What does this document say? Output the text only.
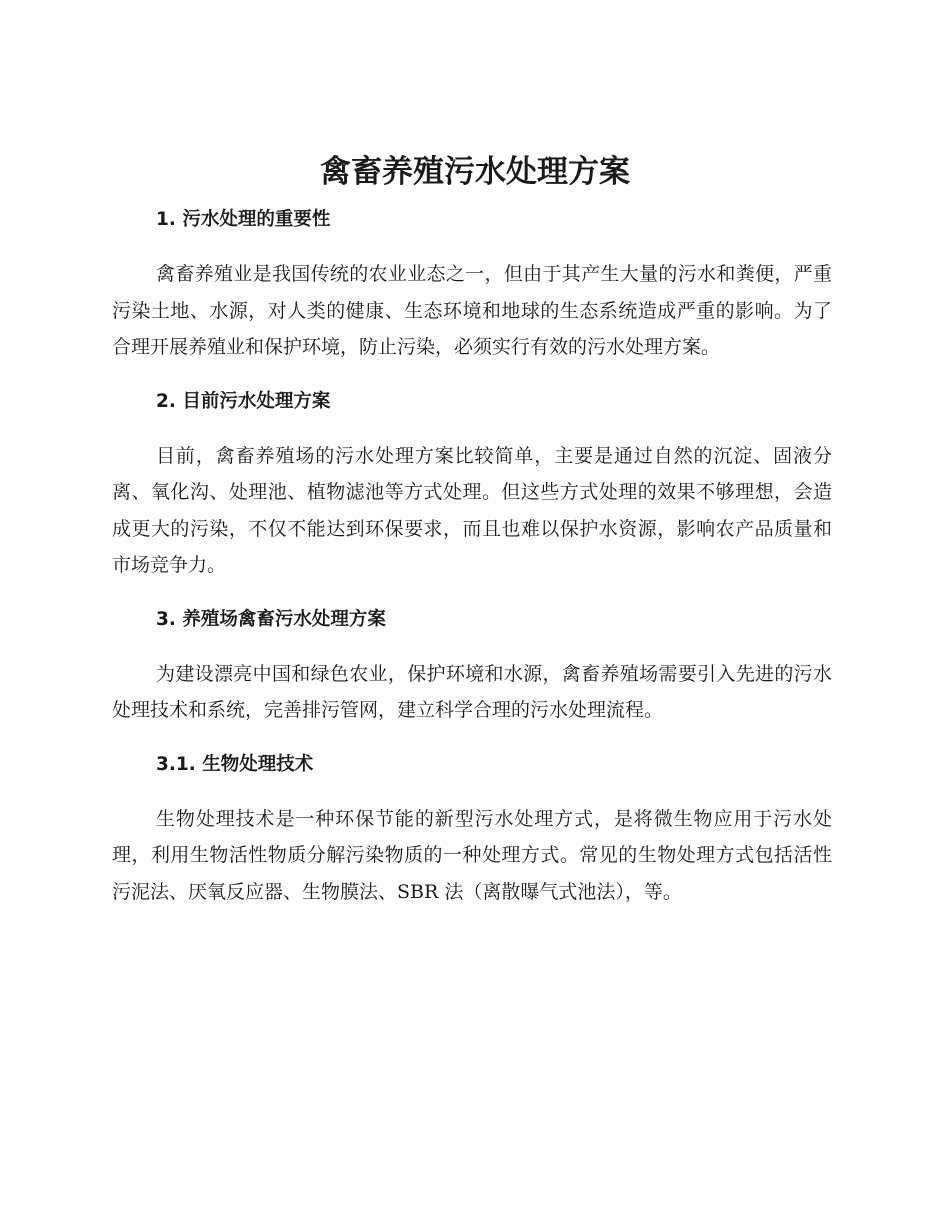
禽畜养殖污水处理方案
1. 污水处理的重要性

禽畜养殖业是我国传统的农业业态之一，但由于其产生大量的污水和粪便，严重污染土地、水源，对人类的健康、生态环境和地球的生态系统造成严重的影响。为了合理开展养殖业和保护环境，防止污染，必须实行有效的污水处理方案。

2. 目前污水处理方案

目前，禽畜养殖场的污水处理方案比较简单，主要是通过自然的沉淀、固液分离、氧化沟、处理池、植物滤池等方式处理。但这些方式处理的效果不够理想，会造成更大的污染，不仅不能达到环保要求，而且也难以保护水资源，影响农产品质量和市场竞争力。

3. 养殖场禽畜污水处理方案

为建设漂亮中国和绿色农业，保护环境和水源，禽畜养殖场需要引入先进的污水处理技术和系统，完善排污管网，建立科学合理的污水处理流程。

3.1. 生物处理技术

生物处理技术是一种环保节能的新型污水处理方式，是将微生物应用于污水处理，利用生物活性物质分解污染物质的一种处理方式。常见的生物处理方式包括活性污泥法、厌氧反应器、生物膜法、SBR 法（离散曝气式池法），等。
